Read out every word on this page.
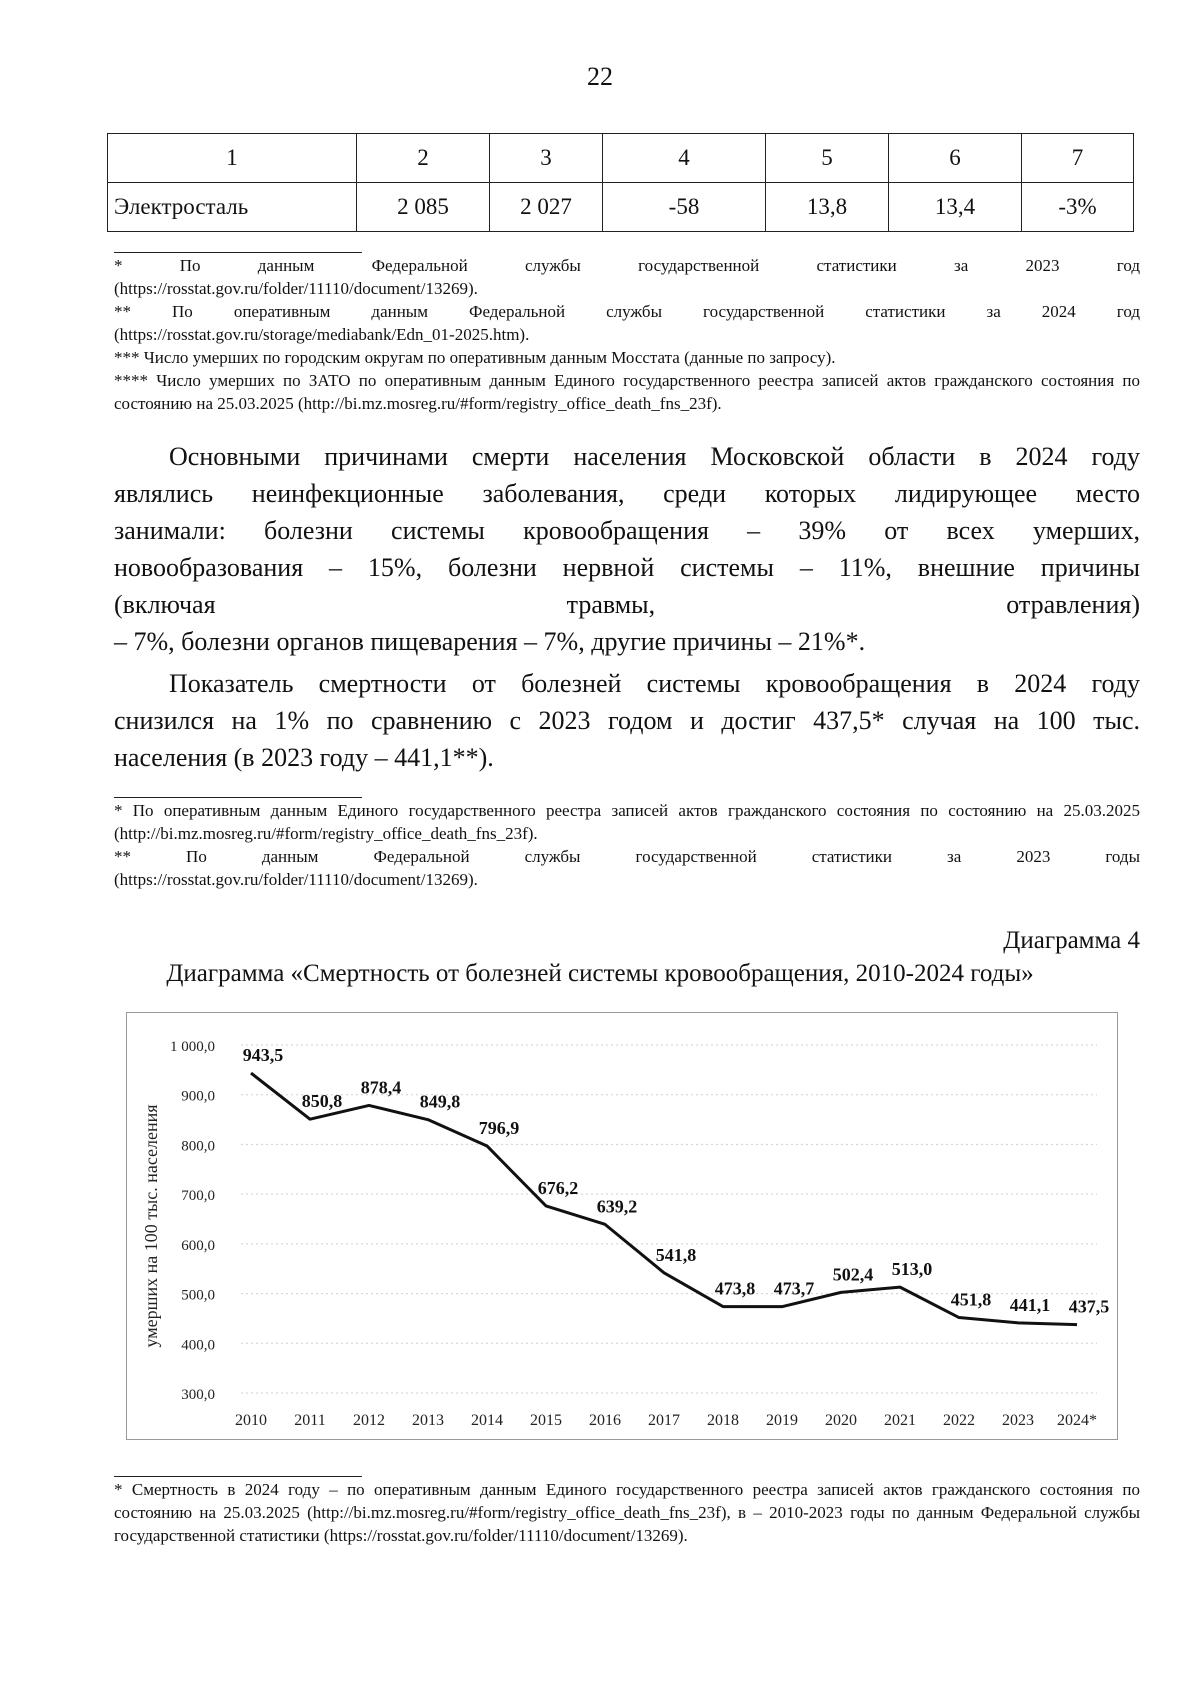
22
1	2	3	4	5	6	7
Электросталь	2 085	2 027	-58	13,8	13,4	-3%
* По данным Федеральной службы государственной статистики за 2023 год
(https://rosstat.gov.ru/folder/11110/document/13269).
** По оперативным данным Федеральной службы государственной статистики за 2024 год
(https://rosstat.gov.ru/storage/mediabank/Edn_01-2025.htm).
*** Число умерших по городским округам по оперативным данным Мосстата (данные по запросу).
**** Число умерших по ЗАТО по оперативным данным Единого государственного реестра записей актов гражданского состояния по состоянию на 25.03.2025 (http://bi.mz.mosreg.ru/#form/registry_office_death_fns_23f).
Основными причинами смерти населения Московской области в 2024 году
являлись неинфекционные заболевания, среди которых лидирующее место
занимали: болезни системы кровообращения – 39% от всех умерших,
новообразования – 15%, болезни нервной системы – 11%, внешние причины
(включая травмы, отравления)
– 7%, болезни органов пищеварения – 7%, другие причины – 21%*.
Показатель смертности от болезней системы кровообращения в 2024 году
снизился на 1% по сравнению с 2023 годом и достиг 437,5* случая на 100 тыс.
населения (в 2023 году – 441,1**).
* По оперативным данным Единого государственного реестра записей актов гражданского состояния по состоянию на 25.03.2025 (http://bi.mz.mosreg.ru/#form/registry_office_death_fns_23f).
** По данным Федеральной службы государственной статистики за 2023 годы
(https://rosstat.gov.ru/folder/11110/document/13269).
Диаграмма 4
Диаграмма «Смертность от болезней системы кровообращения, 2010-2024 годы»
300,0
400,0
500,0
600,0
700,0
800,0
900,0
1 000,0
2010 2011 2012 2013 2014 2015 2016 2017 2018 2019 2020 2021 2022 2023 2024*
943,5
850,8
878,4
849,8
796,9
676,2
639,2
541,8
473,8 473,7
502,4 513,0
451,8 441,1 437,5
умерших на 100 тыс. населения
* Смертность в 2024 году – по оперативным данным Единого государственного реестра записей актов гражданского состояния по состоянию на 25.03.2025 (http://bi.mz.mosreg.ru/#form/registry_office_death_fns_23f), в – 2010-2023 годы по данным Федеральной службы государственной статистики (https://rosstat.gov.ru/folder/11110/document/13269).
